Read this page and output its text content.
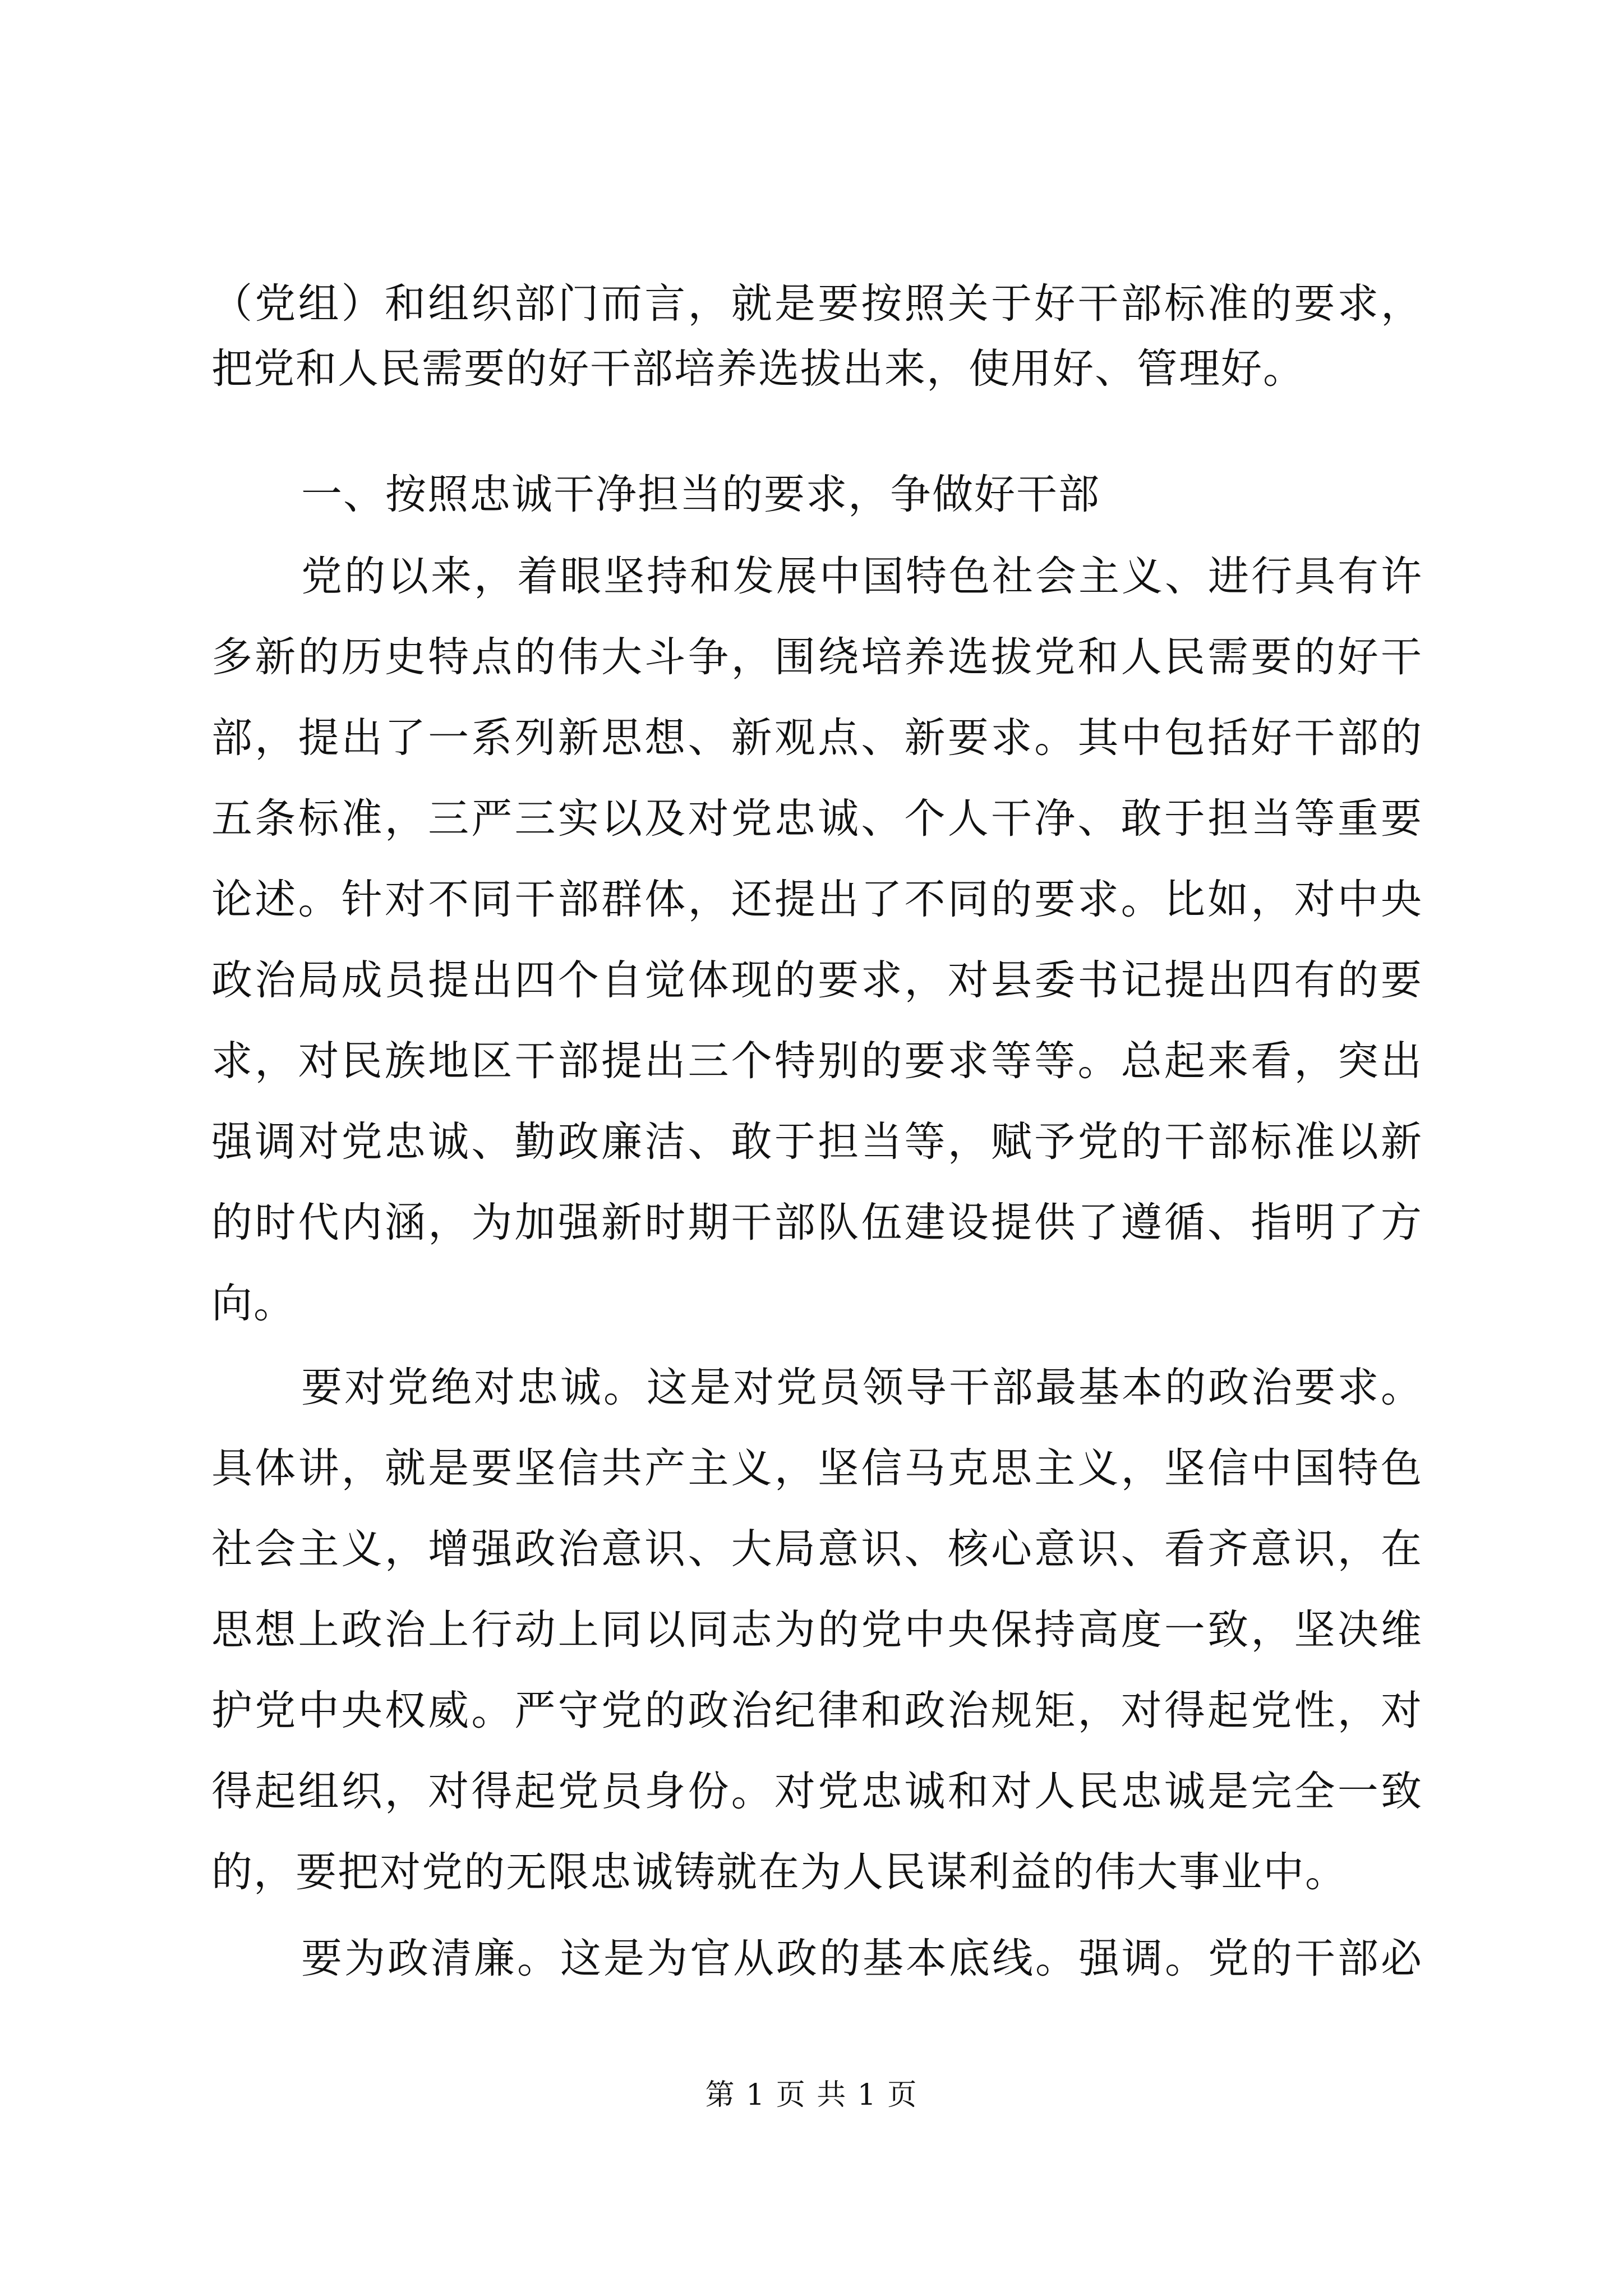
（党组）和组织部门而言，就是要按照关于好干部标准的要求，
把党和人民需要的好干部培养选拔出来，使用好、管理好。
一、按照忠诚干净担当的要求，争做好干部
党的以来，着眼坚持和发展中国特色社会主义、进行具有许
多新的历史特点的伟大斗争，围绕培养选拔党和人民需要的好干
部，提出了一系列新思想、新观点、新要求。其中包括好干部的
五条标准，三严三实以及对党忠诚、个人干净、敢于担当等重要
论述。针对不同干部群体，还提出了不同的要求。比如，对中央
政治局成员提出四个自觉体现的要求，对县委书记提出四有的要
求，对民族地区干部提出三个特别的要求等等。总起来看，突出
强调对党忠诚、勤政廉洁、敢于担当等，赋予党的干部标准以新
的时代内涵，为加强新时期干部队伍建设提供了遵循、指明了方
向。
要对党绝对忠诚。这是对党员领导干部最基本的政治要求。
具体讲，就是要坚信共产主义，坚信马克思主义，坚信中国特色
社会主义，增强政治意识、大局意识、核心意识、看齐意识，在
思想上政治上行动上同以同志为的党中央保持高度一致，坚决维
护党中央权威。严守党的政治纪律和政治规矩，对得起党性，对
得起组织，对得起党员身份。对党忠诚和对人民忠诚是完全一致
的，要把对党的无限忠诚铸就在为人民谋利益的伟大事业中。
要为政清廉。这是为官从政的基本底线。强调。党的干部必
第 1 页 共 1 页
